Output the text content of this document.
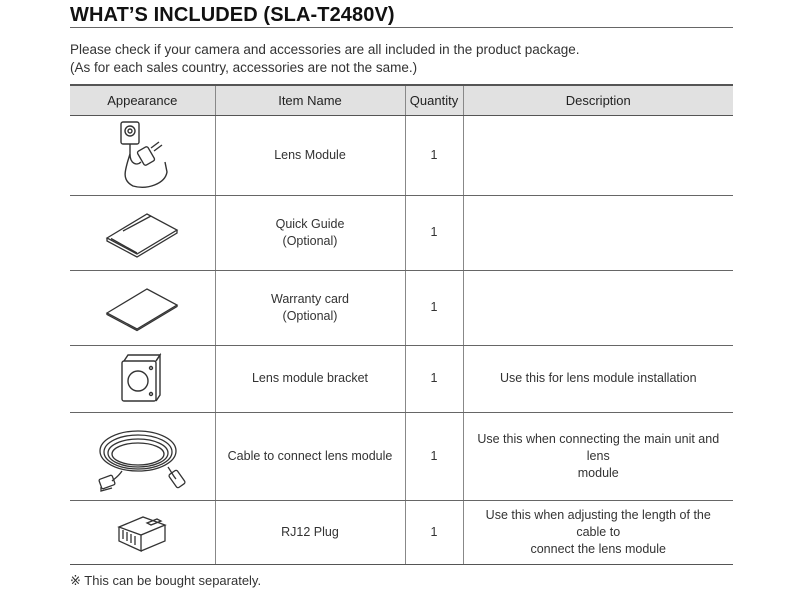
WHAT’S INCLUDED (SLA-T2480V)
Please check if your camera and accessories are all included in the product package.
(As for each sales country, accessories are not the same.)
Appearance	Item Name	Quantity	Description

Lens Module	1	

Quick Guide
(Optional)	1	

Warranty card
(Optional)	1	

Lens module bracket	1	Use this for lens module installation

Cable to connect lens module	1	Use this when connecting the main unit and lens
module

RJ12 Plug	1	Use this when adjusting the length of the cable to
connect the lens module
※ This can be bought separately.
